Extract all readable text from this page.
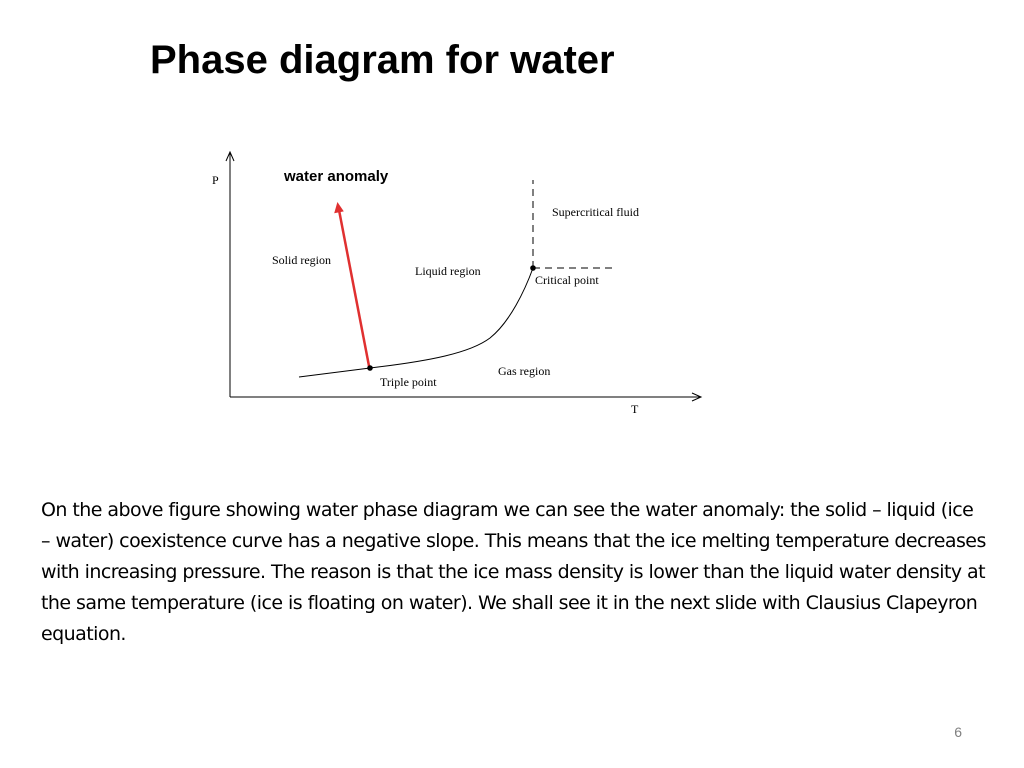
Phase diagram for water
P
T
water anomaly
Solid region
Liquid region
Gas region
Supercritical fluid
Critical point
Triple point

On the above figure showing water phase diagram we can see the water anomaly: the solid – liquid (ice – water) coexistence curve has a negative slope. This means that the ice melting temperature decreases with increasing pressure. The reason is that the ice mass density is lower than the liquid water density at the same temperature (ice is floating on water). We shall see it in the next slide with Clausius Clapeyron equation.

6
